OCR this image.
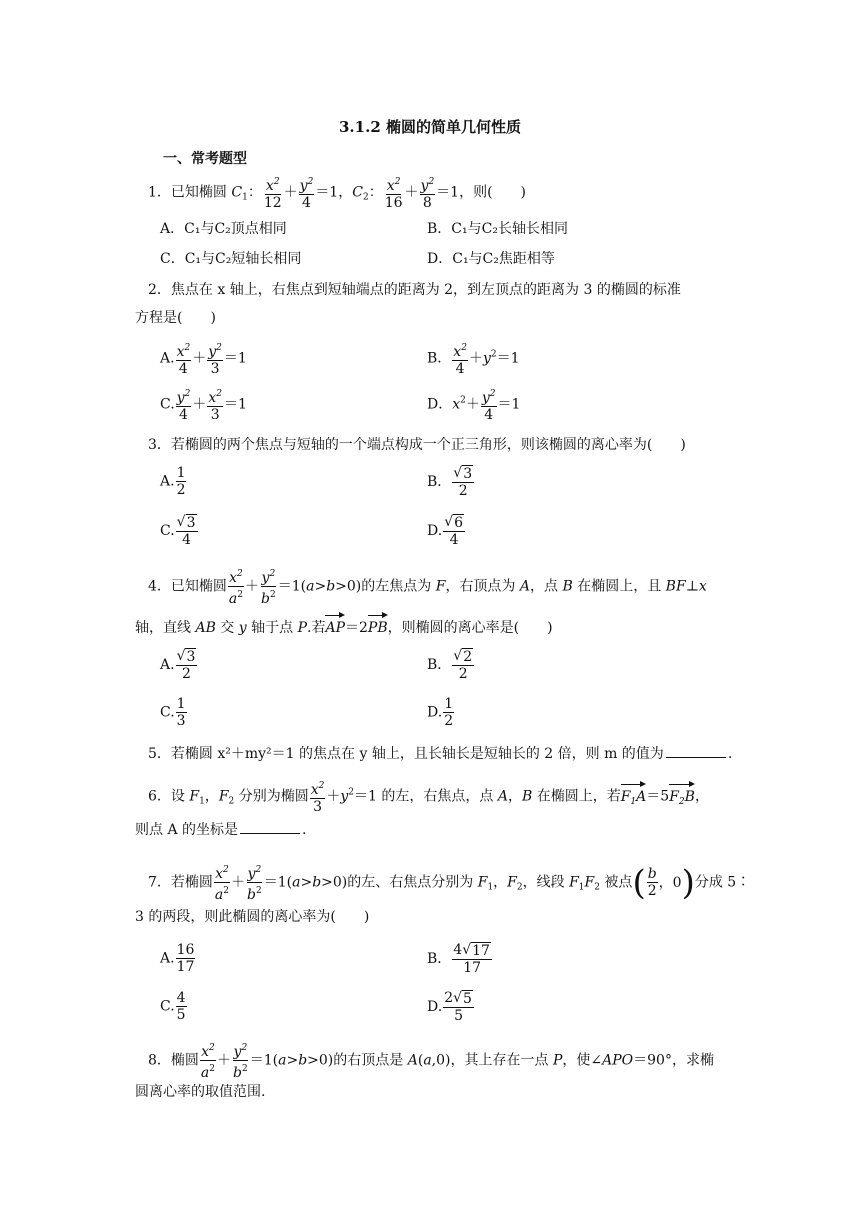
3.1.2 椭圆的简单几何性质
一、常考题型
1．已知椭圆 $C_1$： $\frac{x^2}{12} + \frac{y^2}{4} =1$，$C_2$： $\frac{x^2}{16} + \frac{y^2}{8} =1$，则(　　)
A．C₁与C₂顶点相同	B．C₁与C₂长轴长相同
C．C₁与C₂短轴长相同	D．C₁与C₂焦距相等
2．焦点在 x 轴上，右焦点到短轴端点的距离为 2，到左顶点的距离为 3 的椭圆的标准
方程是(　　)
A. $\frac{x^2}{4} + \frac{y^2}{3} =1$	B． $\frac{x^2}{4} +y^2=1$
C. $\frac{y^2}{4} + \frac{x^2}{3} =1$	D．$x^2+ \frac{y^2}{4} =1$
3．若椭圆的两个焦点与短轴的一个端点构成一个正三角形，则该椭圆的离心率为(　　)
A. $\frac{1}{2}$	B． $\frac{√ 3}{2}$
C. $\frac{√ 3}{4}$	D. $\frac{√ 6}{4}$
4．已知椭圆 $\frac{x^2}{a^2} + \frac{y^2}{b^2} =1(a>b>0)$的左焦点为 F，右顶点为 A，点 B 在椭圆上，且 BF⊥x
轴，直线 AB 交 y 轴于点 P.若AP＝2PB，则椭圆的离心率是(　　)
A. $\frac{√ 3}{2}$	B． $\frac{√ 2}{2}$
C. $\frac{1}{3}$	D. $\frac{1}{2}$
5．若椭圆 x²＋my²＝1 的焦点在 y 轴上，且长轴长是短轴长的 2 倍，则 m 的值为	.
6．设 $F_1$，$F_2$ 分别为椭圆 $\frac{x^2}{3} +y^2=1$ 的左，右焦点，点 A，B 在椭圆上，若$F_1A=5F_2B$，
则点 A 的坐标是	.
7．若椭圆 $\frac{x^2}{a^2} + \frac{y^2}{b^2} =1(a>b>0)$的左、右焦点分别为 $F_1$，$F_2$，线段 $F_1F_2$ 被点 ( $\frac{b}{2}$ ，0 ) 分成 5∶
3 的两段，则此椭圆的离心率为(　　)
A. $\frac{16}{17}$	B． $\frac{4 √ 17}{17}$
C. $\frac{4}{5}$	D. $\frac{2 √ 5}{5}$
8．椭圆 $\frac{x^2}{a^2} + \frac{y^2}{b^2} =1(a>b>0)$的右顶点是 A(a,0)，其上存在一点 P，使∠APO＝90°，求椭
圆离心率的取值范围.
